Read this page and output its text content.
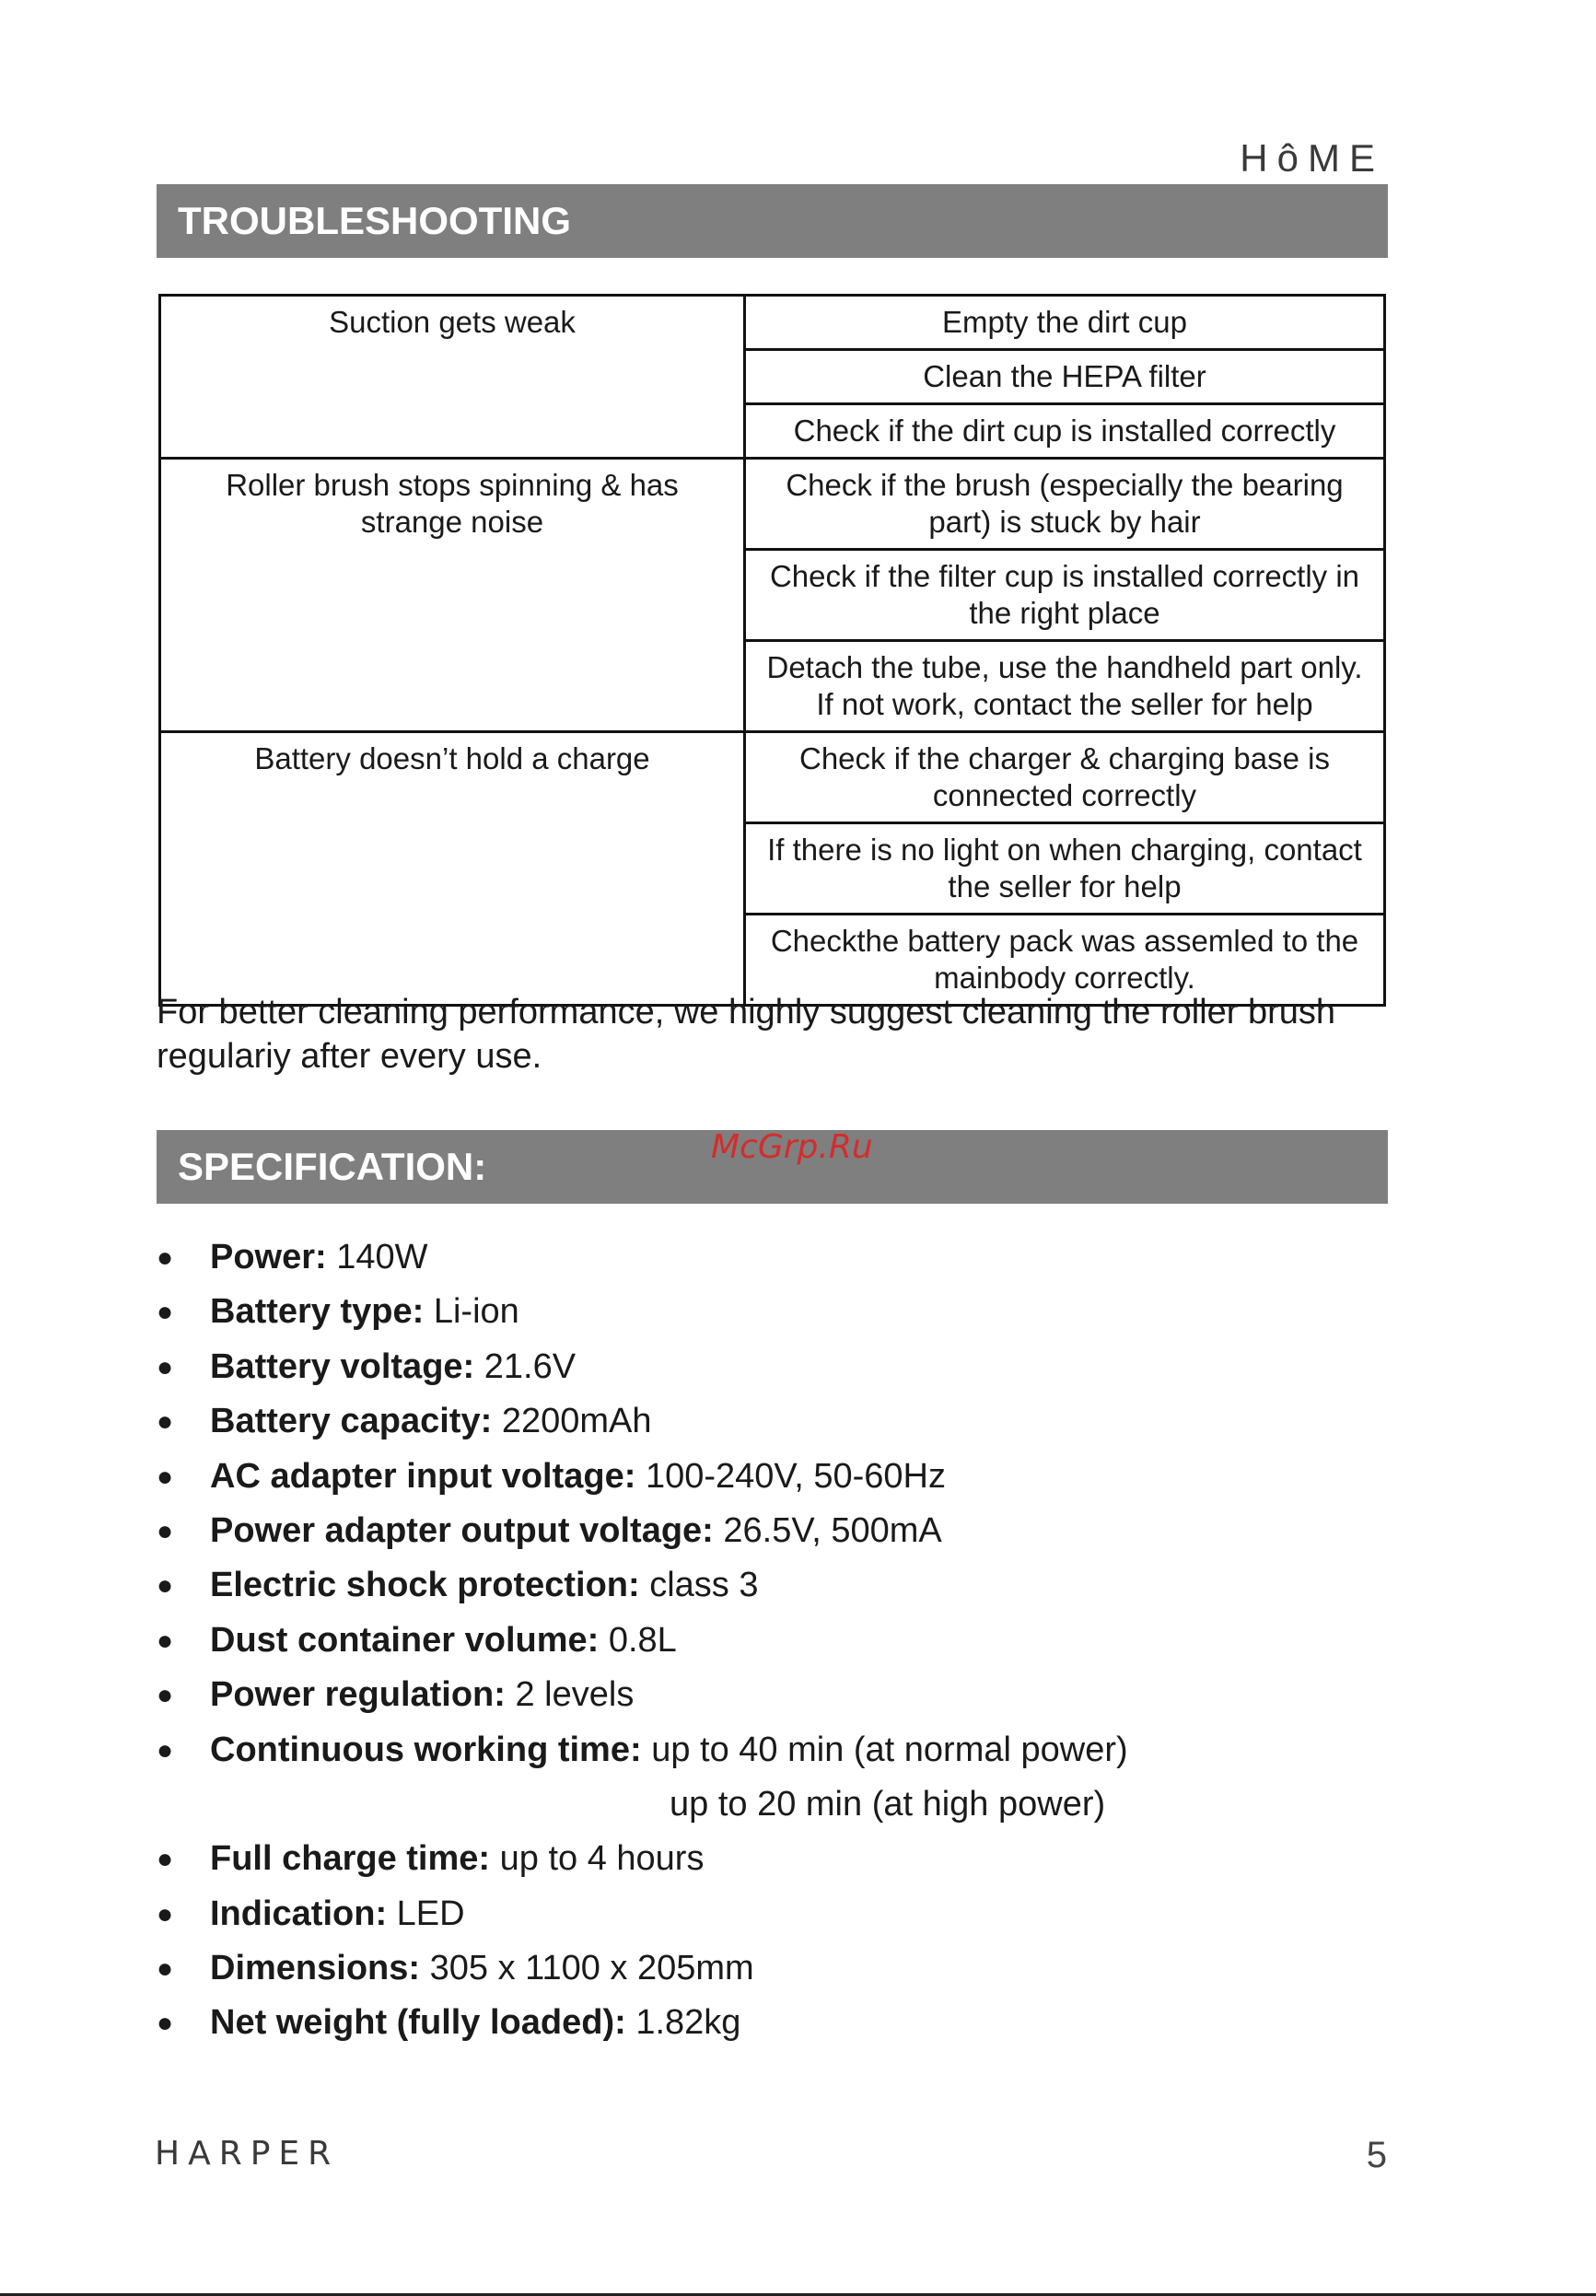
HôME
TROUBLESHOOTING
Suction gets weak	Empty the dirt cup
	Clean the HEPA filter
	Check if the dirt cup is installed correctly
Roller brush stops spinning & has strange noise	Check if the brush (especially the bearing part) is stuck by hair
	Check if the filter cup is installed correctly in the right place
	Detach the tube, use the handheld part only. If not work, contact the seller for help
Battery doesn’t hold a charge	Check if the charger & charging base is connected correctly
	If there is no light on when charging, contact the seller for help
	Checkthe battery pack was assemled to the mainbody correctly.
For better cleaning performance, we highly suggest cleaning the roller brush regulariy after every use.
SPECIFICATION:	McGrp.Ru
● Power: 140W
● Battery type: Li-ion
● Battery voltage: 21.6V
● Battery capacity: 2200mAh
● AC adapter input voltage: 100-240V, 50-60Hz
● Power adapter output voltage: 26.5V, 500mA
● Electric shock protection: class 3
● Dust container volume: 0.8L
● Power regulation: 2 levels
● Continuous working time: up to 40 min (at normal power)
● Full charge time: up to 4 hours
● Indication: LED
● Dimensions: 305 x 1100 x 205mm
● Net weight (fully loaded): 1.82kg
up to 20 min (at high power)
HARPER	5
